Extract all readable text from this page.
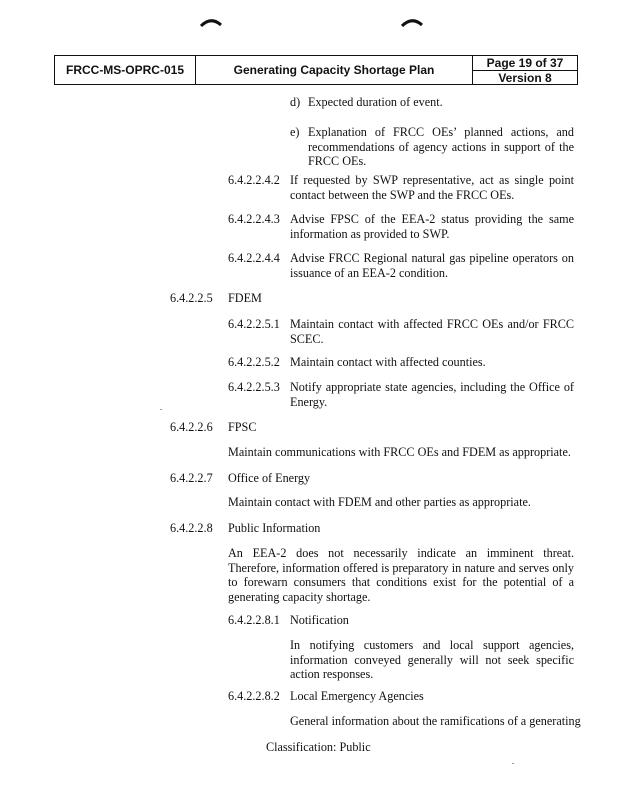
FRCC-MS-OPRC-015	Generating Capacity Shortage Plan
Page 19 of 37
Version 8
d) Expected duration of event.
e) Explanation of FRCC OEs’ planned actions, and recommendations of agency actions in support of the FRCC OEs.
6.4.2.2.4.2 If requested by SWP representative, act as single point contact between the SWP and the FRCC OEs.
6.4.2.2.4.3 Advise FPSC of the EEA-2 status providing the same information as provided to SWP.
6.4.2.2.4.4 Advise FRCC Regional natural gas pipeline operators on issuance of an EEA-2 condition.
6.4.2.2.5 FDEM
6.4.2.2.5.1 Maintain contact with affected FRCC OEs and/or FRCC SCEC.
6.4.2.2.5.2 Maintain contact with affected counties.
6.4.2.2.5.3 Notify appropriate state agencies, including the Office of Energy.
6.4.2.2.6 FPSC
Maintain communications with FRCC OEs and FDEM as appropriate.
6.4.2.2.7 Office of Energy
Maintain contact with FDEM and other parties as appropriate.
6.4.2.2.8 Public Information
An EEA-2 does not necessarily indicate an imminent threat. Therefore, information offered is preparatory in nature and serves only to forewarn consumers that conditions exist for the potential of a generating capacity shortage.
6.4.2.2.8.1 Notification
In notifying customers and local support agencies, information conveyed generally will not seek specific action responses.
6.4.2.2.8.2 Local Emergency Agencies
General information about the ramifications of a generating
Classification: Public
